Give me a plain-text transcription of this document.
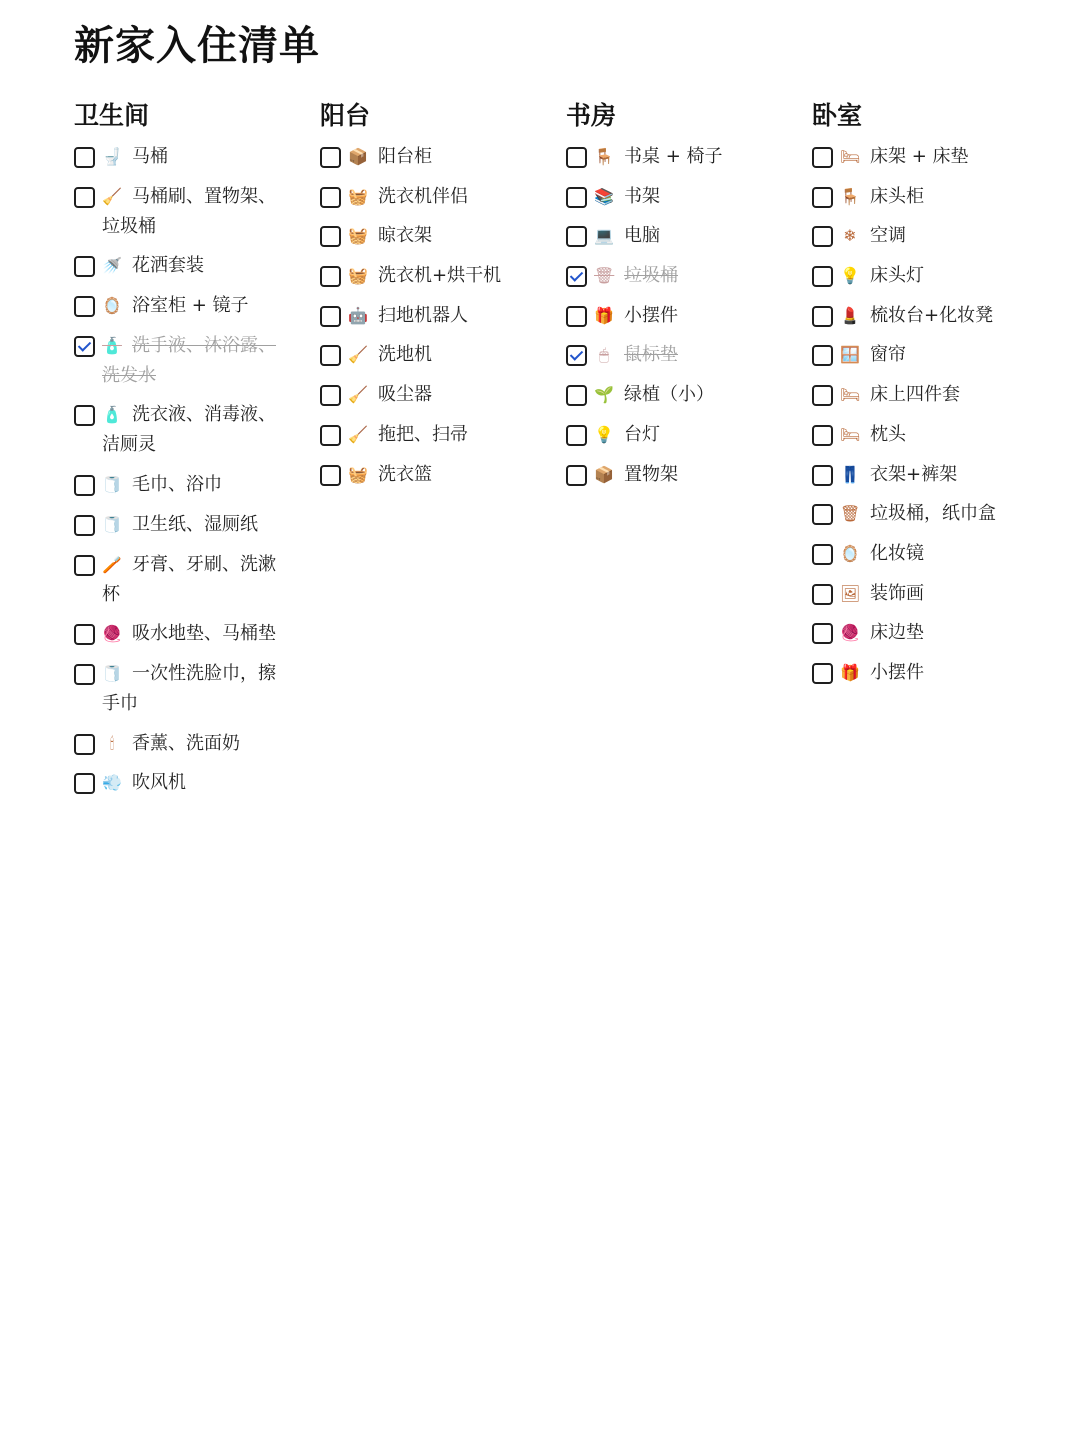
新家入住清单
卫生间
🚽 马桶
🧹 马桶刷、置物架、垃圾桶
🚿 花洒套装
🪞 浴室柜 + 镜子
🧴 洗手液、沐浴露、洗发水
🧴 洗衣液、消毒液、洁厕灵
🧻 毛巾、浴巾
🧻 卫生纸、湿厕纸
🪥 牙膏、牙刷、洗漱杯
🧶 吸水地垫、马桶垫
🧻 一次性洗脸巾，擦手巾
🕯 香薰、洗面奶
💨 吹风机
阳台
📦 阳台柜
🧺 洗衣机伴侣
🧺 晾衣架
🧺 洗衣机+烘干机
🤖 扫地机器人
🧹 洗地机
🧹 吸尘器
🧹 拖把、扫帚
🧺 洗衣篮
书房
🪑 书桌 + 椅子
📚 书架
💻 电脑
🗑 垃圾桶
🎁 小摆件
🖱 鼠标垫
🌱 绿植（小）
💡 台灯
📦 置物架
卧室
🛏 床架 + 床垫
🪑 床头柜
❄ 空调
💡 床头灯
💄 梳妆台+化妆凳
🪟 窗帘
🛏 床上四件套
🛏 枕头
👖 衣架+裤架
🗑 垃圾桶，纸巾盒
🪞 化妆镜
🖼 装饰画
🧶 床边垫
🎁 小摆件
